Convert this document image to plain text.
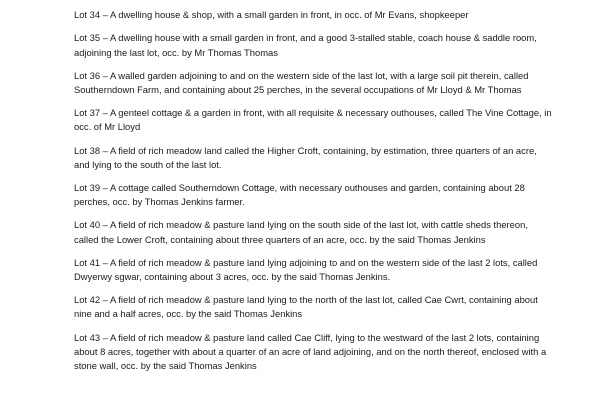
Lot 34 – A dwelling house & shop, with a small garden in front, in occ. of Mr Evans, shopkeeper

Lot 35 – A dwelling house with a small garden in front, and a good 3-stalled stable, coach house & saddle room, adjoining the last lot, occ. by Mr Thomas Thomas

Lot 36 – A walled garden adjoining to and on the western side of the last lot, with a large soil pit therein, called Southerndown Farm, and containing about 25 perches, in the several occupations of Mr Lloyd & Mr Thomas

Lot 37 – A genteel cottage & a garden in front, with all requisite & necessary outhouses, called The Vine Cottage, in occ. of Mr Lloyd

Lot 38 – A field of rich meadow land called the Higher Croft, containing, by estimation, three quarters of an acre, and lying to the south of the last lot.

Lot 39 – A cottage called Southerndown Cottage, with necessary outhouses and garden, containing about 28 perches, occ. by Thomas Jenkins farmer.

Lot 40 – A field of rich meadow & pasture land lying on the south side of the last lot, with cattle sheds thereon, called the Lower Croft, containing about three quarters of an acre, occ. by the said Thomas Jenkins

Lot 41 – A field of rich meadow & pasture land lying adjoining to and on the western side of the last 2 lots, called Dwyerwy sgwar, containing about 3 acres, occ. by the said Thomas Jenkins.

Lot 42 – A field of rich meadow & pasture land lying to the north of the last lot, called Cae Cwrt, containing about nine and a half acres, occ. by the said Thomas Jenkins

Lot 43 – A field of rich meadow & pasture land called Cae Cliff, lying to the westward of the last 2 lots, containing about 8 acres, together with about a quarter of an acre of land adjoining, and on the north thereof, enclosed with a stone wall, occ. by the said Thomas Jenkins
